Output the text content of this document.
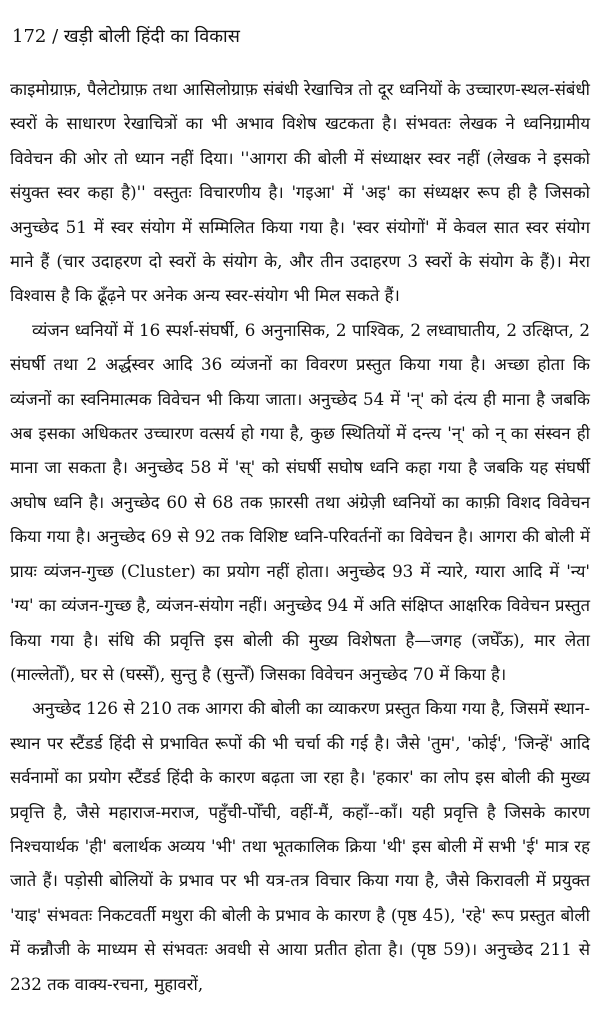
172 / खड़ी बोली हिंदी का विकास

काइमोग्राफ़, पैलेटोग्राफ़ तथा आसिलोग्राफ़ संबंधी रेखाचित्र तो दूर ध्वनियों के उच्चारण-स्थल-संबंधी स्वरों के साधारण रेखाचित्रों का भी अभाव विशेष खटकता है। संभवतः लेखक ने ध्वनिग्रामीय विवेचन की ओर तो ध्यान नहीं दिया। ''आगरा की बोली में संध्याक्षर स्वर नहीं (लेखक ने इसको संयुक्त स्वर कहा है)'' वस्तुतः विचारणीय है। 'गइआ' में 'अइ' का संध्यक्षर रूप ही है जिसको अनुच्छेद 51 में स्वर संयोग में सम्मिलित किया गया है। 'स्वर संयोगों' में केवल सात स्वर संयोग माने हैं (चार उदाहरण दो स्वरों के संयोग के, और तीन उदाहरण 3 स्वरों के संयोग के हैं)। मेरा विश्वास है कि ढूँढ़ने पर अनेक अन्य स्वर-संयोग भी मिल सकते हैं।

व्यंजन ध्वनियों में 16 स्पर्श-संघर्षी, 6 अनुनासिक, 2 पाश्विक, 2 लध्वाघातीय, 2 उत्क्षिप्त, 2 संघर्षी तथा 2 अर्द्धस्वर आदि 36 व्यंजनों का विवरण प्रस्तुत किया गया है। अच्छा होता कि व्यंजनों का स्वनिमात्मक विवेचन भी किया जाता। अनुच्छेद 54 में 'न्' को दंत्य ही माना है जबकि अब इसका अधिकतर उच्चारण वत्सर्य हो गया है, कुछ स्थितियों में दन्त्य 'न्' को न् का संस्वन ही माना जा सकता है। अनुच्छेद 58 में 'स्' को संघर्षी सघोष ध्वनि कहा गया है जबकि यह संघर्षी अघोष ध्वनि है। अनुच्छेद 60 से 68 तक फ़ारसी तथा अंग्रेज़ी ध्वनियों का काफ़ी विशद विवेचन किया गया है। अनुच्छेद 69 से 92 तक विशिष्ट ध्वनि-परिवर्तनों का विवेचन है। आगरा की बोली में प्रायः व्यंजन-गुच्छ (Cluster) का प्रयोग नहीं होता। अनुच्छेद 93 में न्यारे, ग्यारा आदि में 'न्य' 'ग्य' का व्यंजन-गुच्छ है, व्यंजन-संयोग नहीं। अनुच्छेद 94 में अति संक्षिप्त आक्षरिक विवेचन प्रस्तुत किया गया है। संधि की प्रवृत्ति इस बोली की मुख्य विशेषता है—जगह (जघेँऊ), मार लेता (माल्लेतोँ), घर से (घस्सेँ), सुन्तु है (सुन्तेँ) जिसका विवेचन अनुच्छेद 70 में किया है।

अनुच्छेद 126 से 210 तक आगरा की बोली का व्याकरण प्रस्तुत किया गया है, जिसमें स्थान-स्थान पर स्टैंडर्ड हिंदी से प्रभावित रूपों की भी चर्चा की गई है। जैसे 'तुम', 'कोई', 'जिन्हें' आदि सर्वनामों का प्रयोग स्टैंडर्ड हिंदी के कारण बढ़ता जा रहा है। 'हकार' का लोप इस बोली की मुख्य प्रवृत्ति है, जैसे महाराज-मराज, पहुँची-पोँची, वहीं-मैं, कहाँ--काँ। यही प्रवृत्ति है जिसके कारण निश्चयार्थक 'ही' बलार्थक अव्यय 'भी' तथा भूतकालिक क्रिया 'थी' इस बोली में सभी 'ई' मात्र रह जाते हैं। पड़ोसी बोलियों के प्रभाव पर भी यत्र-तत्र विचार किया गया है, जैसे किरावली में प्रयुक्त 'याइ' संभवतः निकटवर्ती मथुरा की बोली के प्रभाव के कारण है (पृष्ठ 45), 'रहे' रूप प्रस्तुत बोली में कन्नौजी के माध्यम से संभवतः अवधी से आया प्रतीत होता है। (पृष्ठ 59)। अनुच्छेद 211 से 232 तक वाक्य-रचना, मुहावरों,
